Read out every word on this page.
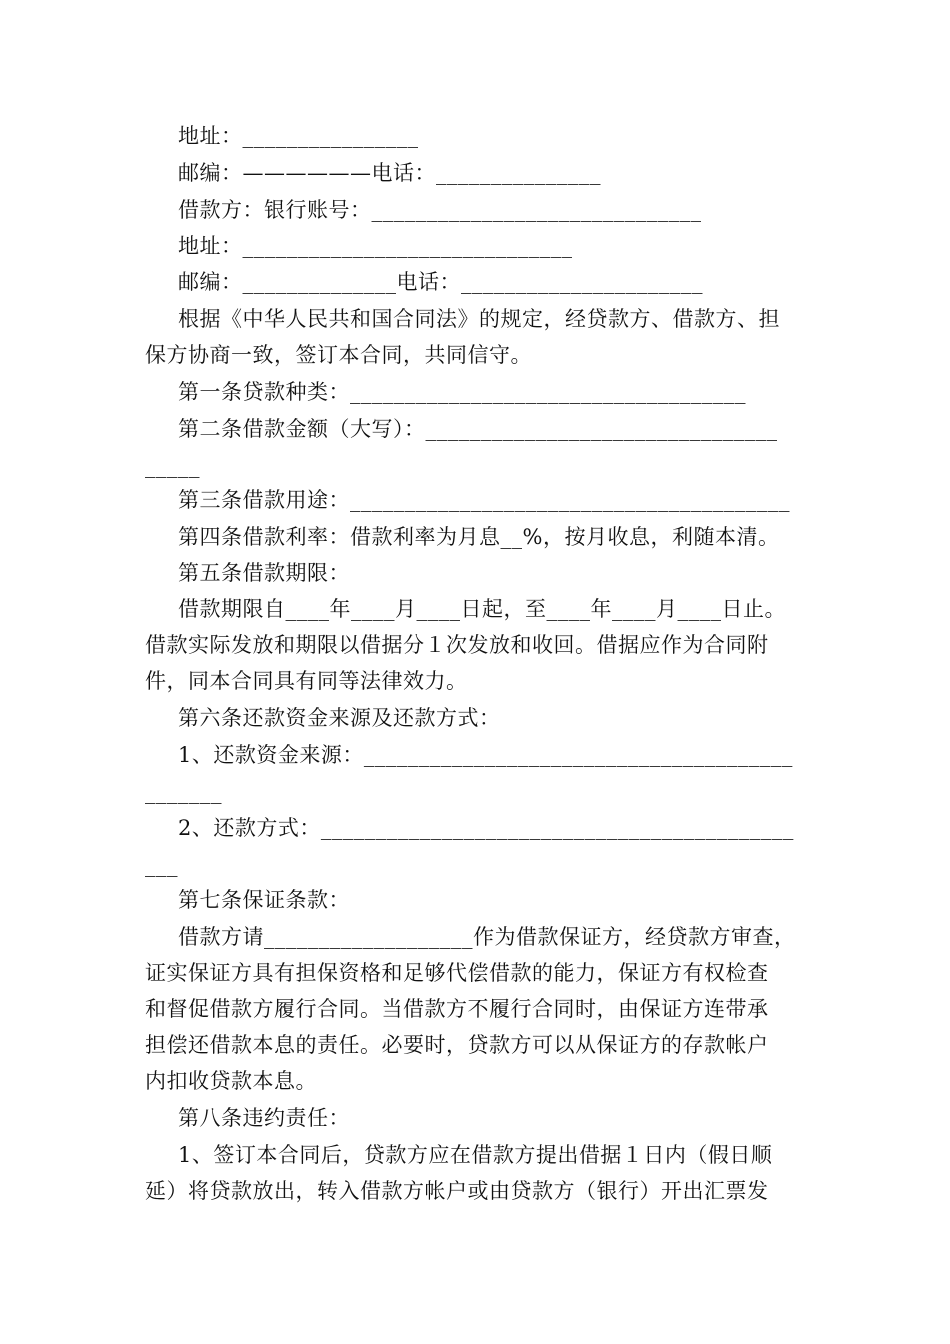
地址：________________
邮编：——————电话：_______________
借款方：银行账号：______________________________
地址：______________________________
邮编：______________电话：______________________
根据《中华人民共和国合同法》的规定，经贷款方、借款方、担
保方协商一致，签订本合同，共同信守。
第一条贷款种类：____________________________________
第二条借款金额（大写）：________________________________
_____
第三条借款用途：________________________________________
第四条借款利率：借款利率为月息__%，按月收息，利随本清。
第五条借款期限：
借款期限自____年____月____日起，至____年____月____日止。
借款实际发放和期限以借据分１次发放和收回。借据应作为合同附
件，同本合同具有同等法律效力。
第六条还款资金来源及还款方式：
1、还款资金来源：_______________________________________
_______
2、还款方式：___________________________________________
___
第七条保证条款：
借款方请___________________作为借款保证方，经贷款方审查，
证实保证方具有担保资格和足够代偿借款的能力，保证方有权检查
和督促借款方履行合同。当借款方不履行合同时，由保证方连带承
担偿还借款本息的责任。必要时，贷款方可以从保证方的存款帐户
内扣收贷款本息。
第八条违约责任：
1、签订本合同后，贷款方应在借款方提出借据１日内（假日顺
延）将贷款放出，转入借款方帐户或由贷款方（银行）开出汇票发
